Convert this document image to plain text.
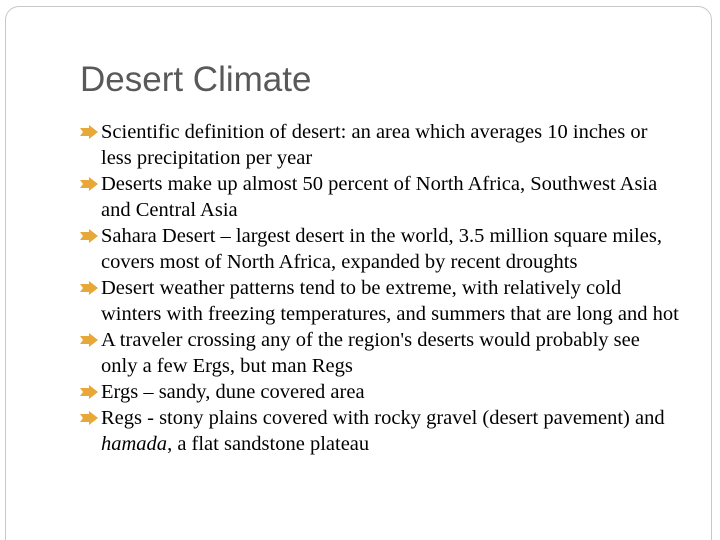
Desert Climate
Scientific definition of desert: an area which averages 10 inches or less precipitation per year
Deserts make up almost 50 percent of North Africa, Southwest Asia and Central Asia
Sahara Desert – largest desert in the world, 3.5 million square miles, covers most of North Africa, expanded by recent droughts
Desert weather patterns tend to be extreme, with relatively cold winters with freezing temperatures, and summers that are long and hot
A traveler crossing any of the region's deserts would probably see only a few Ergs, but man Regs
Ergs – sandy, dune covered area
Regs - stony plains covered with rocky gravel (desert pavement) and hamada, a flat sandstone plateau
